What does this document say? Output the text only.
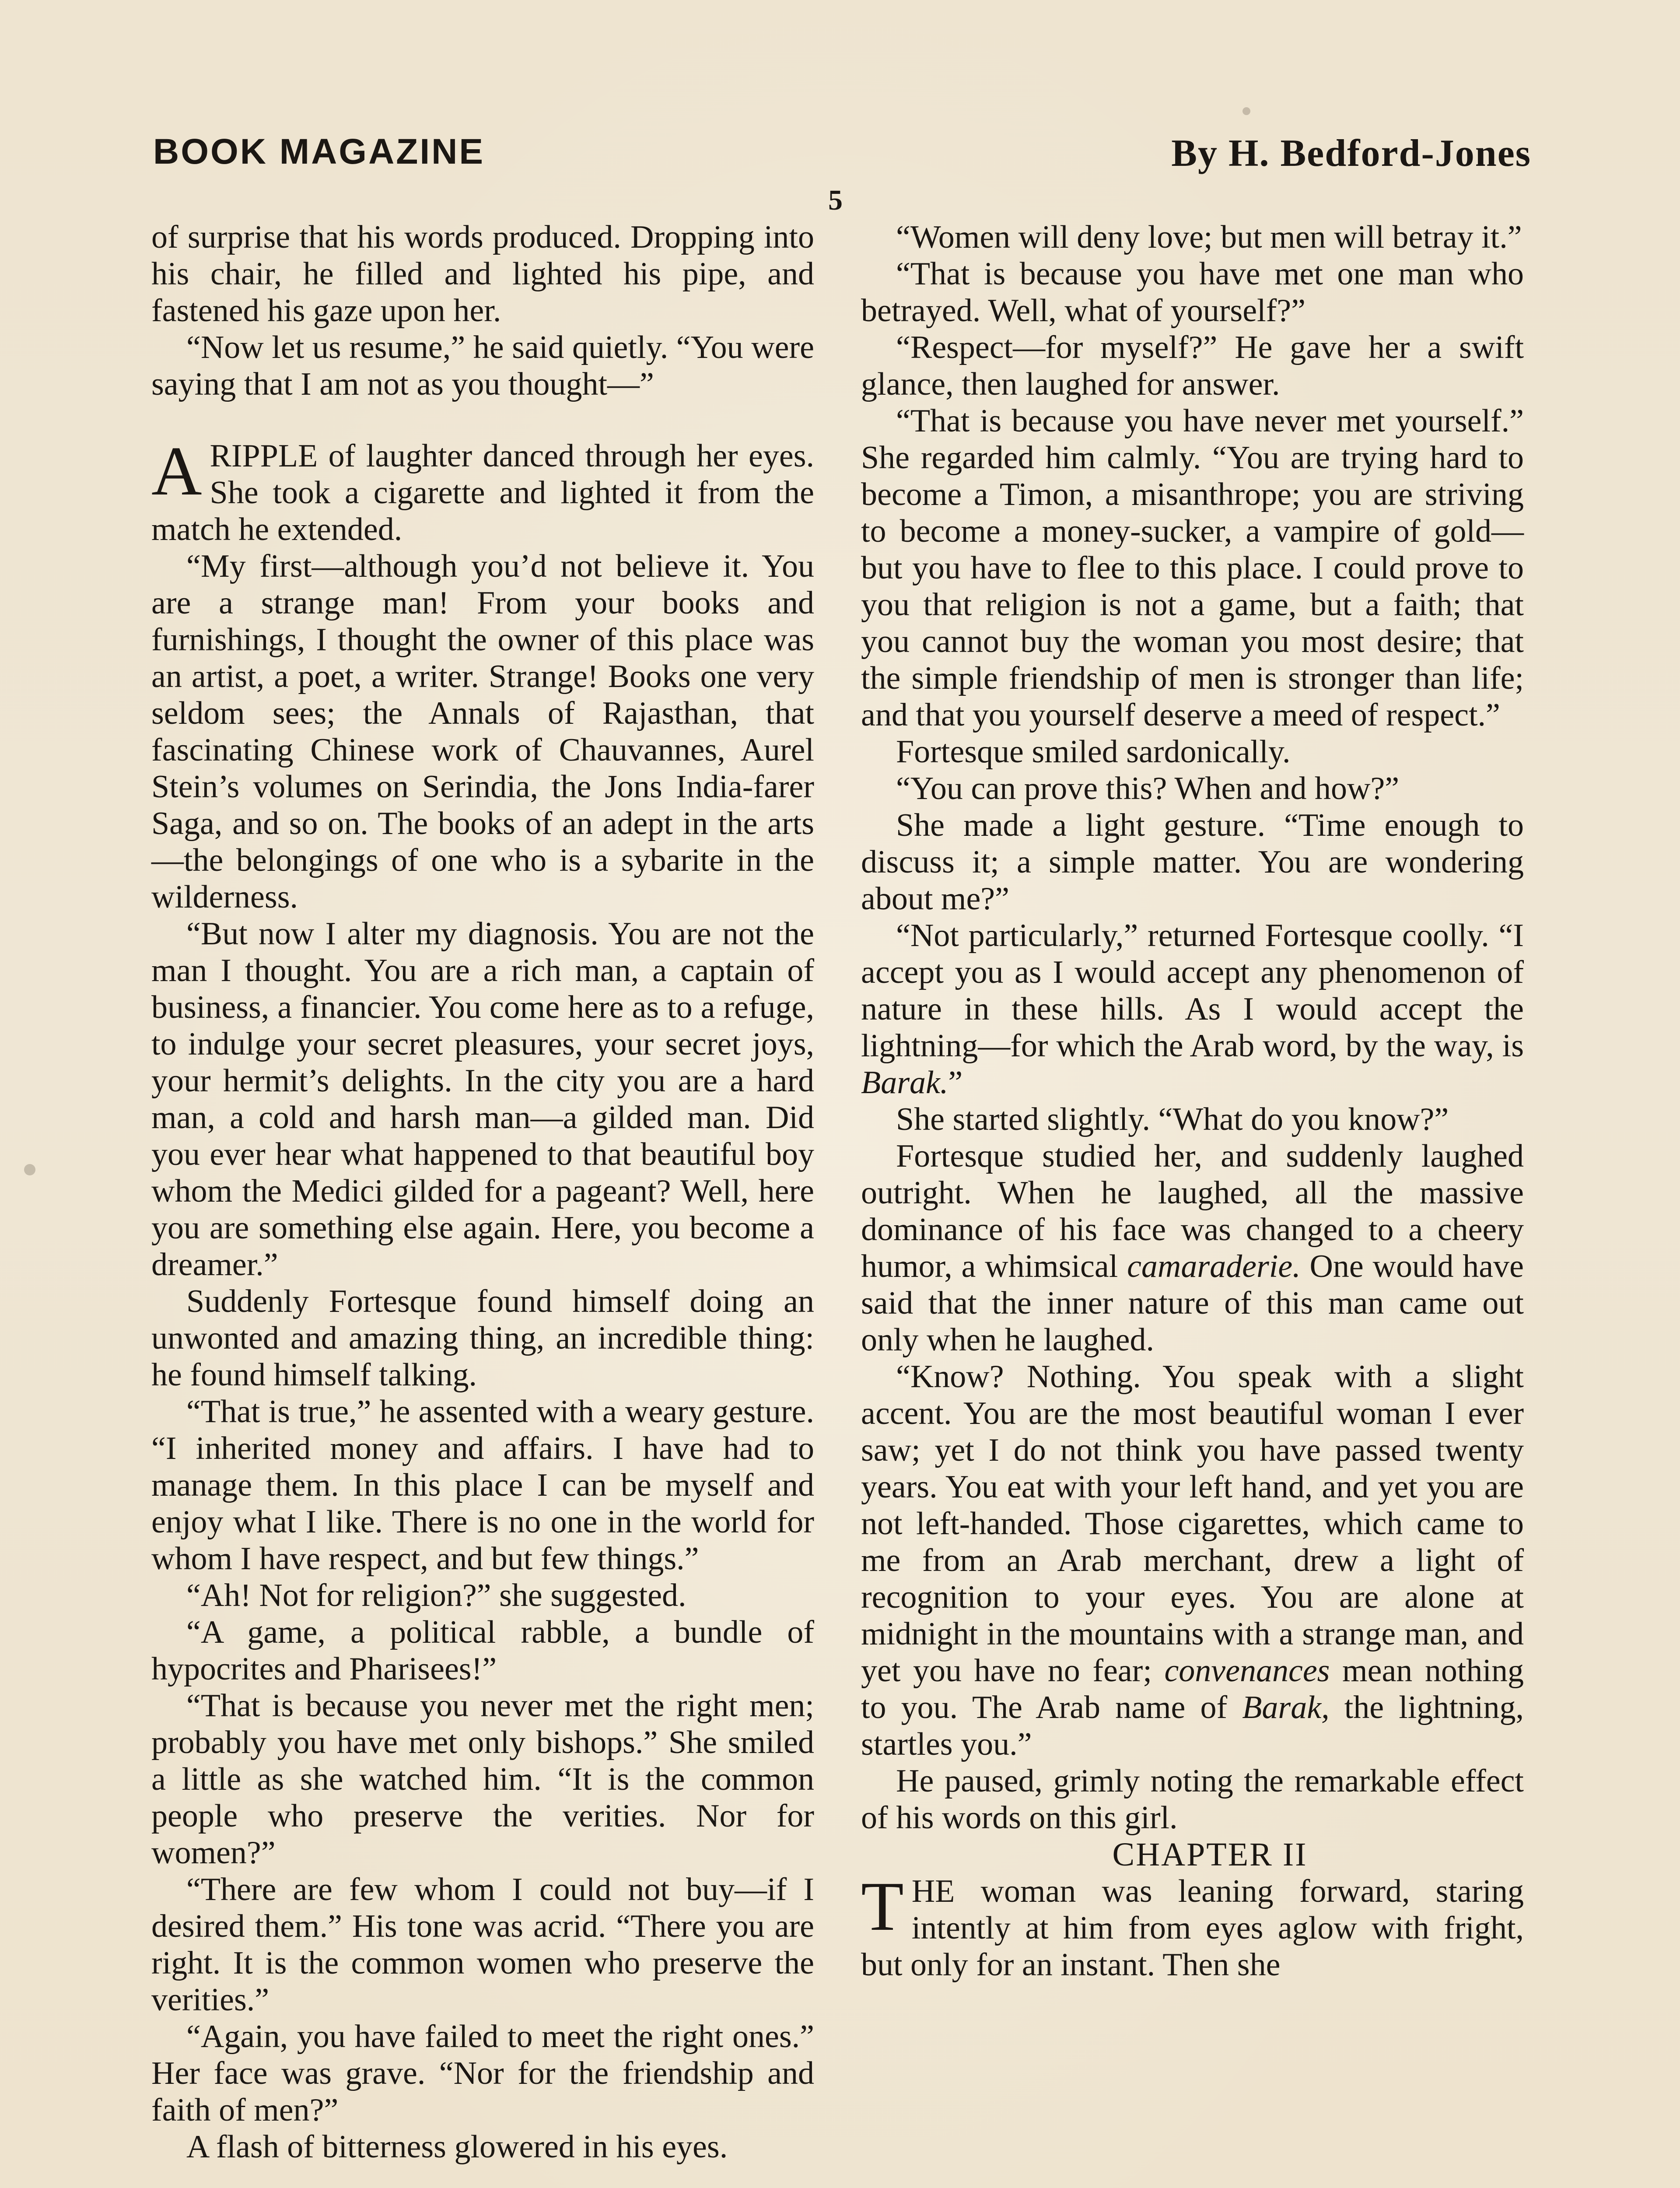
BOOK MAGAZINE	By H. Bedford-Jones
5

of surprise that his words produced. Dropping into his chair, he filled and lighted his pipe, and fastened his gaze upon her.

“Now let us resume,” he said quietly. “You were saying that I am not as you thought—”

ARIPPLE of laughter danced through her eyes. She took a cigarette and lighted it from the match he extended.

“My first—although you’d not believe it. You are a strange man! From your books and furnishings, I thought the owner of this place was an artist, a poet, a writer. Strange! Books one very seldom sees; the Annals of Rajasthan, that fascinating Chinese work of Chauvannes, Aurel Stein’s volumes on Serindia, the Jons India-farer Saga, and so on. The books of an adept in the arts—the belongings of one who is a sybarite in the wilderness.

“But now I alter my diagnosis. You are not the man I thought. You are a rich man, a captain of business, a financier. You come here as to a refuge, to indulge your secret pleasures, your secret joys, your hermit’s delights. In the city you are a hard man, a cold and harsh man—a gilded man. Did you ever hear what happened to that beautiful boy whom the Medici gilded for a pageant? Well, here you are something else again. Here, you become a dreamer.”

Suddenly Fortesque found himself doing an unwonted and amazing thing, an incredible thing: he found himself talking.

“That is true,” he assented with a weary gesture. “I inherited money and affairs. I have had to manage them. In this place I can be myself and enjoy what I like. There is no one in the world for whom I have respect, and but few things.”

“Ah! Not for religion?” she suggested.

“A game, a political rabble, a bundle of hypocrites and Pharisees!”

“That is because you never met the right men; probably you have met only bishops.” She smiled a little as she watched him. “It is the common people who preserve the verities. Nor for women?”

“There are few whom I could not buy—if I desired them.” His tone was acrid. “There you are right. It is the common women who preserve the verities.”

“Again, you have failed to meet the right ones.” Her face was grave. “Nor for the friendship and faith of men?”

A flash of bitterness glowered in his eyes.

“Women will deny love; but men will betray it.”

“That is because you have met one man who betrayed. Well, what of yourself?”

“Respect—for myself?” He gave her a swift glance, then laughed for answer.

“That is because you have never met yourself.” She regarded him calmly. “You are trying hard to become a Timon, a misanthrope; you are striving to become a money-sucker, a vampire of gold—but you have to flee to this place. I could prove to you that religion is not a game, but a faith; that you cannot buy the woman you most desire; that the simple friendship of men is stronger than life; and that you yourself deserve a meed of respect.”

Fortesque smiled sardonically.

“You can prove this? When and how?”

She made a light gesture. “Time enough to discuss it; a simple matter. You are wondering about me?”

“Not particularly,” returned Fortesque coolly. “I accept you as I would accept any phenomenon of nature in these hills. As I would accept the lightning—for which the Arab word, by the way, is Barak.”

She started slightly. “What do you know?”

Fortesque studied her, and suddenly laughed outright. When he laughed, all the massive dominance of his face was changed to a cheery humor, a whimsical camaraderie. One would have said that the inner nature of this man came out only when he laughed.

“Know? Nothing. You speak with a slight accent. You are the most beautiful woman I ever saw; yet I do not think you have passed twenty years. You eat with your left hand, and yet you are not left-handed. Those cigarettes, which came to me from an Arab merchant, drew a light of recognition to your eyes. You are alone at midnight in the mountains with a strange man, and yet you have no fear; convenances mean nothing to you. The Arab name of Barak, the lightning, startles you.”

He paused, grimly noting the remarkable effect of his words on this girl.

CHAPTER II

THE woman was leaning forward, staring intently at him from eyes aglow with fright, but only for an instant. Then she
